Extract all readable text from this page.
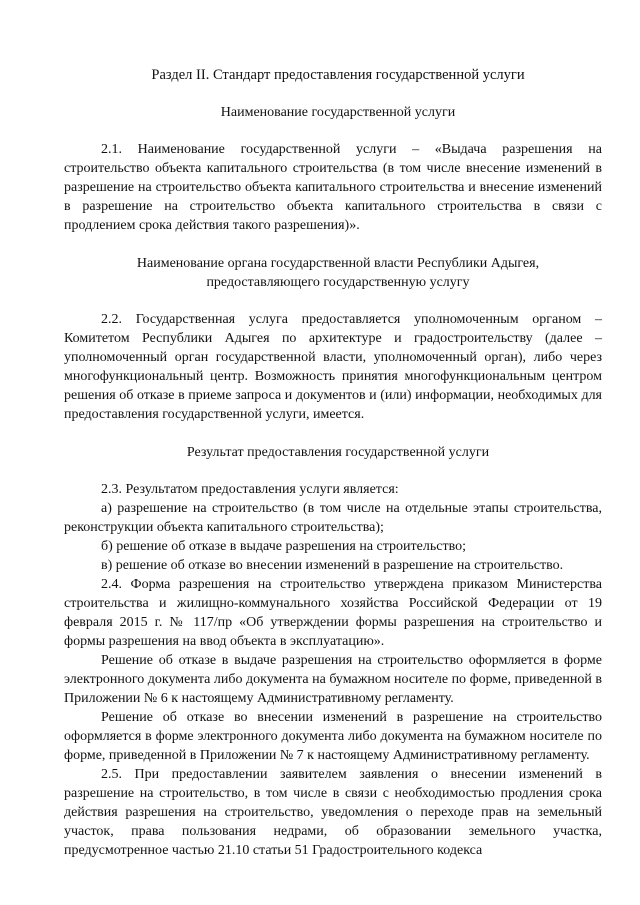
Раздел II. Стандарт предоставления государственной услуги
Наименование государственной услуги

2.1. Наименование государственной услуги – «Выдача разрешения на строительство объекта капитального строительства (в том числе внесение изменений в разрешение на строительство объекта капитального строительства и внесение изменений в разрешение на строительство объекта капитального строительства в связи с продлением срока действия такого разрешения)».

Наименование органа государственной власти Республики Адыгея,
предоставляющего государственную услугу

2.2. Государственная услуга предоставляется уполномоченным органом – Комитетом Республики Адыгея по архитектуре и градостроительству (далее – уполномоченный орган государственной власти, уполномоченный орган), либо через многофункциональный центр. Возможность принятия многофункциональным центром решения об отказе в приеме запроса и документов и (или) информации, необходимых для предоставления государственной услуги, имеется.

Результат предоставления государственной услуги

2.3. Результатом предоставления услуги является:

а) разрешение на строительство (в том числе на отдельные этапы строительства, реконструкции объекта капитального строительства);

б) решение об отказе в выдаче разрешения на строительство;

в) решение об отказе во внесении изменений в разрешение на строительство.

2.4. Форма разрешения на строительство утверждена приказом Министерства строительства и жилищно-коммунального хозяйства Российской Федерации от 19 февраля 2015 г. № 117/пр «Об утверждении формы разрешения на строительство и формы разрешения на ввод объекта в эксплуатацию».

Решение об отказе в выдаче разрешения на строительство оформляется в форме электронного документа либо документа на бумажном носителе по форме, приведенной в Приложении № 6 к настоящему Административному регламенту.

Решение об отказе во внесении изменений в разрешение на строительство оформляется в форме электронного документа либо документа на бумажном носителе по форме, приведенной в Приложении № 7 к настоящему Административному регламенту.

2.5. При предоставлении заявителем заявления о внесении изменений в разрешение на строительство, в том числе в связи с необходимостью продления срока действия разрешения на строительство, уведомления о переходе прав на земельный участок, права пользования недрами, об образовании земельного участка, предусмотренное частью 21.10 статьи 51 Градостроительного кодекса
